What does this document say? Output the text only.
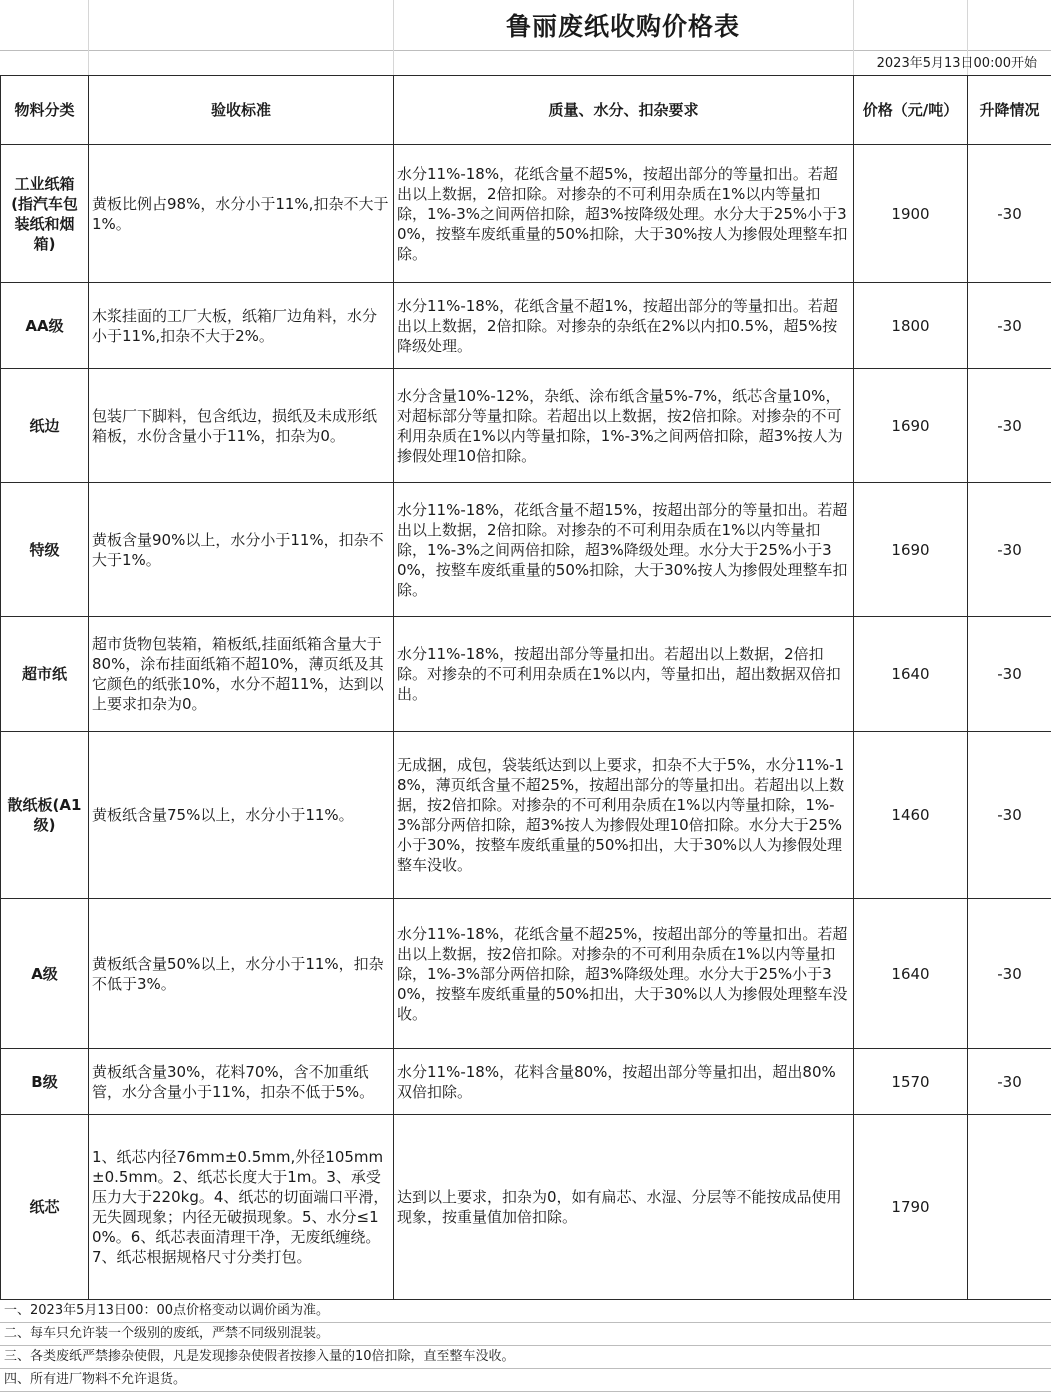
鲁丽废纸收购价格表
2023年5月13日00:00开始
物料分类	验收标准	质量、水分、扣杂要求	价格（元/吨）	升降情况
工业纸箱(指汽车包装纸和烟箱)	黄板比例占98%，水分小于11%,扣杂不大于1%。	水分11%-18%，花纸含量不超5%，按超出部分的等量扣出。若超出以上数据，2倍扣除。对掺杂的不可利用杂质在1%以内等量扣除，1%-3%之间两倍扣除，超3%按降级处理。水分大于25%小于30%，按整车废纸重量的50%扣除，大于30%按人为掺假处理整车扣除。	1900	-30
AA级	木浆挂面的工厂大板，纸箱厂边角料，水分小于11%,扣杂不大于2%。	水分11%-18%，花纸含量不超1%，按超出部分的等量扣出。若超出以上数据，2倍扣除。对掺杂的杂纸在2%以内扣0.5%，超5%按降级处理。	1800	-30
纸边	包装厂下脚料，包含纸边，损纸及未成形纸箱板，水份含量小于11%，扣杂为0。	水分含量10%-12%，杂纸、涂布纸含量5%-7%，纸芯含量10%，对超标部分等量扣除。若超出以上数据，按2倍扣除。对掺杂的不可利用杂质在1%以内等量扣除，1%-3%之间两倍扣除，超3%按人为掺假处理10倍扣除。	1690	-30
特级	黄板含量90%以上，水分小于11%，扣杂不大于1%。	水分11%-18%，花纸含量不超15%，按超出部分的等量扣出。若超出以上数据，2倍扣除。对掺杂的不可利用杂质在1%以内等量扣除，1%-3%之间两倍扣除，超3%降级处理。水分大于25%小于30%，按整车废纸重量的50%扣除，大于30%按人为掺假处理整车扣除。	1690	-30
超市纸	超市货物包装箱，箱板纸,挂面纸箱含量大于80%，涂布挂面纸箱不超10%，薄页纸及其它颜色的纸张10%，水分不超11%，达到以上要求扣杂为0。	水分11%-18%，按超出部分等量扣出。若超出以上数据，2倍扣除。对掺杂的不可利用杂质在1%以内，等量扣出，超出数据双倍扣出。	1640	-30
散纸板(A1级)	黄板纸含量75%以上，水分小于11%。	无成捆，成包，袋装纸达到以上要求，扣杂不大于5%，水分11%-18%，薄页纸含量不超25%，按超出部分的等量扣出。若超出以上数据，按2倍扣除。对掺杂的不可利用杂质在1%以内等量扣除，1%-3%部分两倍扣除，超3%按人为掺假处理10倍扣除。水分大于25%小于30%，按整车废纸重量的50%扣出，大于30%以人为掺假处理整车没收。	1460	-30
A级	黄板纸含量50%以上，水分小于11%，扣杂不低于3%。	水分11%-18%，花纸含量不超25%，按超出部分的等量扣出。若超出以上数据，按2倍扣除。对掺杂的不可利用杂质在1%以内等量扣除，1%-3%部分两倍扣除，超3%降级处理。水分大于25%小于30%，按整车废纸重量的50%扣出，大于30%以人为掺假处理整车没收。	1640	-30
B级	黄板纸含量30%，花料70%，含不加重纸管，水分含量小于11%，扣杂不低于5%。	水分11%-18%，花料含量80%，按超出部分等量扣出，超出80%双倍扣除。	1570	-30
纸芯	1、纸芯内径76mm±0.5mm,外径105mm±0.5mm。2、纸芯长度大于1m。3、承受压力大于220kg。4、纸芯的切面端口平滑，无失圆现象；内径无破损现象。5、水分≤10%。6、纸芯表面清理干净，无废纸缠绕。7、纸芯根据规格尺寸分类打包。	达到以上要求，扣杂为0，如有扁芯、水湿、分层等不能按成品使用现象，按重量值加倍扣除。	1790	
一、2023年5月13日00：00点价格变动以调价函为准。
二、每车只允许装一个级别的废纸，严禁不同级别混装。
三、各类废纸严禁掺杂使假，凡是发现掺杂使假者按掺入量的10倍扣除，直至整车没收。
四、所有进厂物料不允许退货。
